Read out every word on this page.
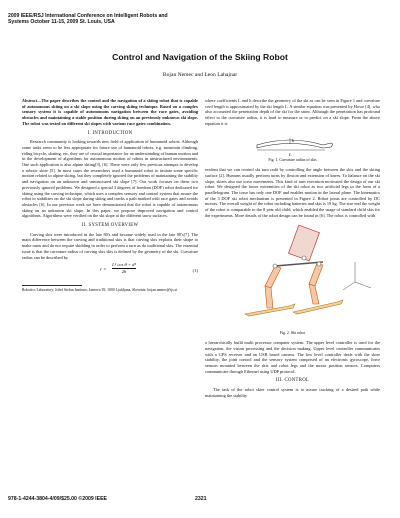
2009 IEEE/RSJ International Conference on Intelligent Robots and Systems October 11-15, 2009 St. Louis, USA
Control and Navigation of the Skiing Robot
Bojan Nemec and Leon Lahajnar
Abstract—The paper describes the control and the navigation of a skiing robot that is capable of autonomous skiing on a ski slope using the carving skiing technique. Based on a complex sensory system it is capable of autonomous navigation between the race gates, avoiding obstacles and maintaining a stable position during skiing on an previously unknown ski slope. The robot was tested on different ski slopes with various race gates combination.
I. INTRODUCTION

Research community is looking towards new field of application of humanoid robots. Although some tasks seem to be less appropriate for future use of humanoid robots, e.g. mountain climbing, riding bicycle, skating, etc, they are of crucial importance for an understanding of human motion and in the development of algorithms for autonomous motion of robots in unstructured environments. One such application is also alpine skiing[3], [6]. There were only few previous attempts to develop a robotic skier [5]. In most cases the researchers used a humanoid robot to imitate some specific motion related to alpine skiing, but they completely ignored the problems of maintaining the stability and navigation on an unknown and unstructured ski slope [7]. Our work focuses on these two previously ignored problems. We designed a special 3 degrees of freedom (DOF) robot dedicated for skiing using the carving technique, which uses a complex sensory and control system that assure the robot to stabilizes on the ski slope during skiing and tracks a path marked with race gates and avoids obstacles [6]. In our previous work we have demonstrated that the robot is capable of autonomous skiing on an unknown ski slope. In this paper, we propose improved navigation and control algorithms. Algorithms were verified on the ski slope at the different snow surfaces.

II. SYSTEM OVERVIEW

Carving skis were introduced in the late 80's and became widely used in the late 90's[7]. The main difference between the carving and traditional skis is that carving skis exploits their shape to make turns and do not require skidding in order to perform a turn as do traditional skis. The essential issue is that the curvature radius of carving skis skis is defined by the geometry of the ski. Curvature radius can be described by

$r = \frac{\text{L² cos θ + d²}}{2h}$	(1)
Robotics Laboratory, Jožef Stefan Institute, Jamova 39, 1000 Ljubljana, Slovenia. bojan.nemec@ijs.si

where coefficients L and h describe the geometry of the ski as can be seen in Figure 1 and curvature cord length is approximated by the ski length L. A similar equation was presented by Howe [4], who also accounted the penetration depth of the ski for the snow. Although the penetration has profound effect to the curvature radius, it is hard to measure or to predict on a ski slope. From the above equation it is

L
h
Fig. 1. Curvature radius of skis

evident that we can control ski turn radii by controlling the angle between the skis and the skiing surface [2]. Humans usually perform turns by flexion and extension of knees. To balance on the ski slope, skiers also use torso movements. This kind of turn execution motivated the design of our ski robot. We designed the lower extremities of the ski robot as two artificial legs in the form of a parallelogram. The torso has only one DOF and enables motion in the lateral plane. The kinematics of the 3 DOF ski robot mechanism is presented in Figure 2. Robot joints are controlled by DC motors. The overall weight of the robot including batteries and skis is 19 kg. The size end the weight of the robot is comparable to the 8 year old child, which enabled the usage of standard child skis for the experiments. More details of the robot design can be found in [6]. The robot is controlled with

Fig. 2. Ski robot

a hierarchically build multi processor computer system. The upper level controller is used for the navigation, the vision processing and the decision making. Upper level controller communicates with a GPS receiver and an USB based camera. The low level controller deals with the skier stability, the joint control and the sensory system comprised of an electronic gyroscope, force sensors mounted between the skis and robot legs and the motor position sensors. Computers communicate through Ethernet using UDP protocol.

III. CONTROL

The task of the robot skier control system is to assure tracking of a desired path while maintaining the stability

978-1-4244-3804-4/09/$25.00 ©2009 IEEE	2321
